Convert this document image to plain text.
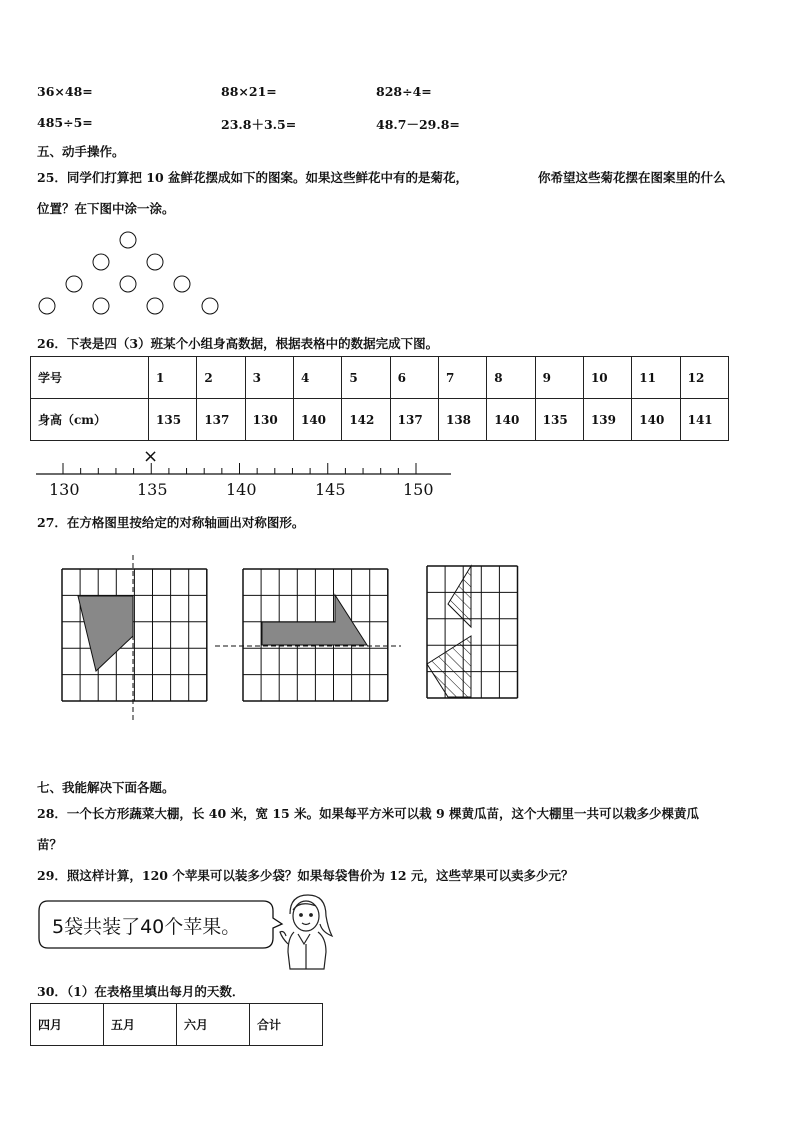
36×48=	88×21=	828÷4=
485÷5=	23.8＋3.5=	48.7－29.8=
五、动手操作。
25．同学们打算把 10 盆鲜花摆成如下的图案。如果这些鲜花中有的是菊花，	你希望这些菊花摆在图案里的什么
位置？在下图中涂一涂。
26．下表是四（3）班某个小组身高数据，根据表格中的数据完成下图。
学号	1	2	3	4	5	6	7	8	9	10	11	12
身高（cm）	135	137	130	140	142	137	138	140	135	139	140	141
130	135	140	145	150
×
27．在方格图里按给定的对称轴画出对称图形。
七、我能解决下面各题。
28．一个长方形蔬菜大棚，长 40 米，宽 15 米。如果每平方米可以栽 9 棵黄瓜苗，这个大棚里一共可以栽多少棵黄瓜
苗？
29．照这样计算，120 个苹果可以装多少袋？如果每袋售价为 12 元，这些苹果可以卖多少元？
5袋共装了40个苹果。
30．（1）在表格里填出每月的天数．
四月	五月	六月	合计
